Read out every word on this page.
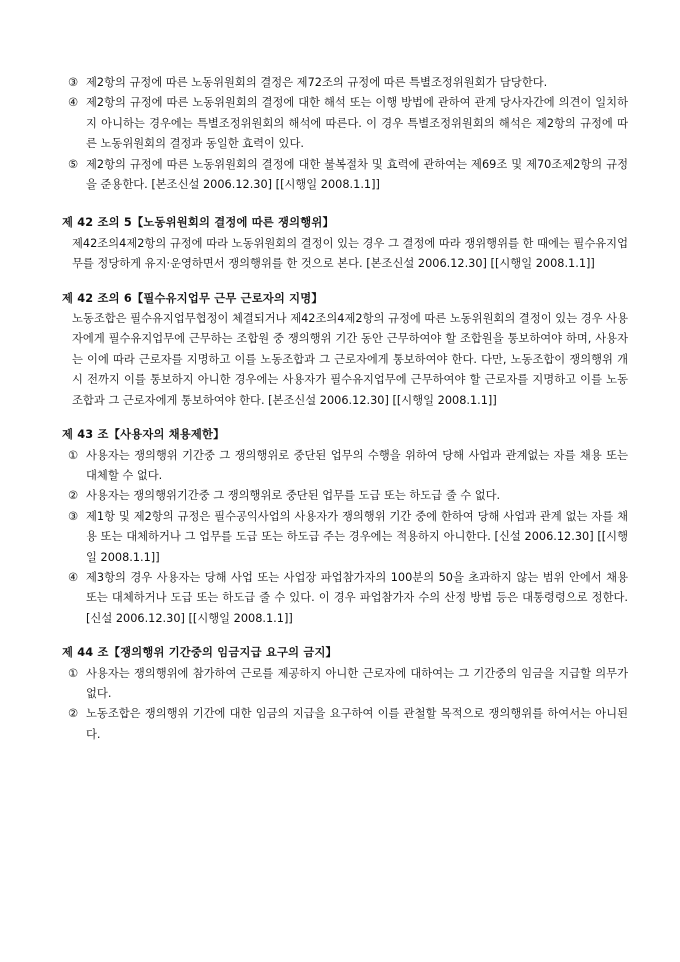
③ 제2항의 규정에 따른 노동위원회의 결정은 제72조의 규정에 따른 특별조정위원회가 담당한다.
④ 제2항의 규정에 따른 노동위원회의 결정에 대한 해석 또는 이행 방법에 관하여 관계 당사자간에 의견이 일치하지 아니하는 경우에는 특별조정위원회의 해석에 따른다. 이 경우 특별조정위원회의 해석은 제2항의 규정에 따른 노동위원회의 결정과 동일한 효력이 있다.
⑤ 제2항의 규정에 따른 노동위원회의 결정에 대한 불복절차 및 효력에 관하여는 제69조 및 제70조제2항의 규정을 준용한다. [본조신설 2006.12.30] [[시행일 2008.1.1]]
제 42 조의 5【노동위원회의 결정에 따른 쟁의행위】
제42조의4제2항의 규정에 따라 노동위원회의 결정이 있는 경우 그 결정에 따라 쟁위행위를 한 때에는 필수유지업무를 정당하게 유지·운영하면서 쟁의행위를 한 것으로 본다. [본조신설 2006.12.30] [[시행일 2008.1.1]]
제 42 조의 6【필수유지업무 근무 근로자의 지명】
노동조합은 필수유지업무협정이 체결되거나 제42조의4제2항의 규정에 따른 노동위원회의 결정이 있는 경우 사용자에게 필수유지업무에 근무하는 조합원 중 쟁의행위 기간 동안 근무하여야 할 조합원을 통보하여야 하며, 사용자는 이에 따라 근로자를 지명하고 이를 노동조합과 그 근로자에게 통보하여야 한다. 다만, 노동조합이 쟁의행위 개시 전까지 이를 통보하지 아니한 경우에는 사용자가 필수유지업무에 근무하여야 할 근로자를 지명하고 이를 노동조합과 그 근로자에게 통보하여야 한다. [본조신설 2006.12.30] [[시행일 2008.1.1]]
제 43 조【사용자의 채용제한】
① 사용자는 쟁의행위 기간중 그 쟁의행위로 중단된 업무의 수행을 위하여 당해 사업과 관계없는 자를 채용 또는 대체할 수 없다.
② 사용자는 쟁의행위기간중 그 쟁의행위로 중단된 업무를 도급 또는 하도급 줄 수 없다.
③ 제1항 및 제2항의 규정은 필수공익사업의 사용자가 쟁의행위 기간 중에 한하여 당해 사업과 관계 없는 자를 채용 또는 대체하거나 그 업무를 도급 또는 하도급 주는 경우에는 적용하지 아니한다. [신설 2006.12.30] [[시행일 2008.1.1]]
④ 제3항의 경우 사용자는 당해 사업 또는 사업장 파업참가자의 100분의 50을 초과하지 않는 범위 안에서 채용 또는 대체하거나 도급 또는 하도급 줄 수 있다. 이 경우 파업참가자 수의 산정 방법 등은 대통령령으로 정한다. [신설 2006.12.30] [[시행일 2008.1.1]]
제 44 조【쟁의행위 기간중의 임금지급 요구의 금지】
① 사용자는 쟁의행위에 참가하여 근로를 제공하지 아니한 근로자에 대하여는 그 기간중의 임금을 지급할 의무가 없다.
② 노동조합은 쟁의행위 기간에 대한 임금의 지급을 요구하여 이를 관철할 목적으로 쟁의행위를 하여서는 아니된다.
